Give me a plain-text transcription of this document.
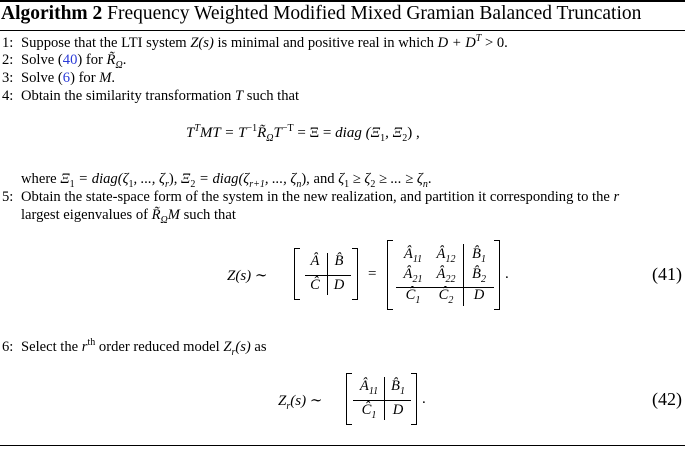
Algorithm 2 Frequency Weighted Modified Mixed Gramian Balanced Truncation
1: Suppose that the LTI system Z(s) is minimal and positive real in which $D + D^T > 0$.
2: Solve (40) for $R̃_\Omega$.
3: Solve (6) for M.
4: Obtain the similarity transformation T such that
$T^TMT$ = $T^{-1}R̃_\Omega T^{-T} = \Xi$ = diag ($\Xi_1$, $\Xi_2$) ,
where $\Xi_1$ = $diag(\zeta_1$, ..., $\zeta_r$), $\Xi_2$ = $diag(\zeta_{r+1}$, ..., $\zeta_n$), and $\zeta_1 \ge \zeta_2$ ≥ ... ≥ $\zeta_n$.
5: Obtain the state-space form of the system in the new realization, and partition it corresponding to the r
largest eigenvalues of $R̃_\Omega M$ such that
Z(s) ∼
Â B̂
Ĉ D
=
$Â_{11}$ $Â_{12}$	$B̂_1$
$Â_{21}$ $Â_{22}$	$B̂_2$
$Ĉ_1$	$Ĉ_2$	D
.	(41)
6: Select the $r^{th}$ order reduced model $Z_r(s)$ as
$Z_r(s)$ ∼
$Â_{11}$ $B̂_1$
$Ĉ_1$	D
.	(42)
